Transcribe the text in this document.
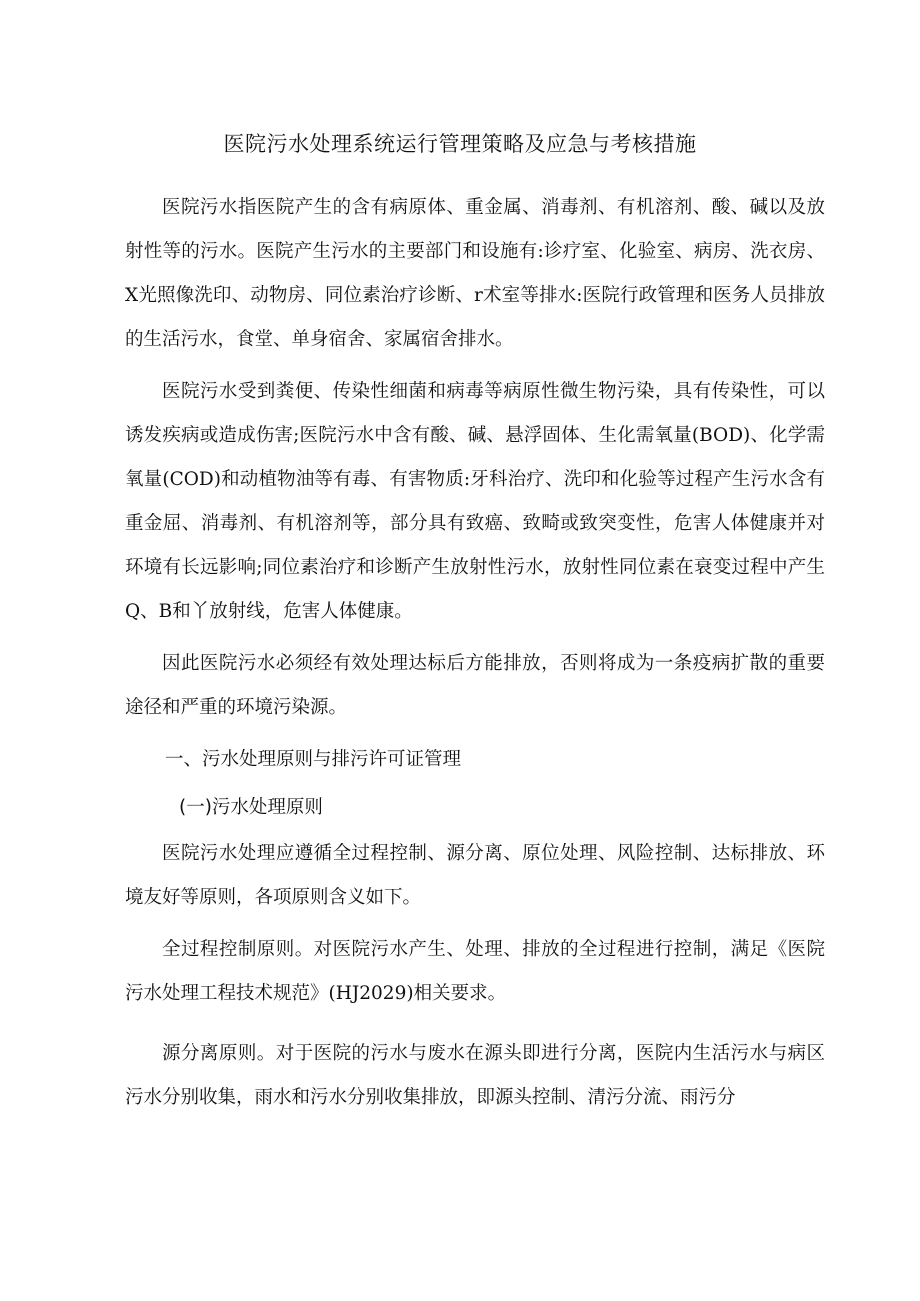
医院污水处理系统运行管理策略及应急与考核措施

医院污水指医院产生的含有病原体、重金属、消毒剂、有机溶剂、酸、碱以及放射性等的污水。医院产生污水的主要部门和设施有:诊疗室、化验室、病房、洗衣房、X光照像洗印、动物房、同位素治疗诊断、r术室等排水:医院行政管理和医务人员排放的生活污水，食堂、单身宿舍、家属宿舍排水。

医院污水受到粪便、传染性细菌和病毒等病原性微生物污染，具有传染性，可以诱发疾病或造成伤害;医院污水中含有酸、碱、悬浮固体、生化需氧量(BOD)、化学需氧量(COD)和动植物油等有毒、有害物质:牙科治疗、洗印和化验等过程产生污水含有重金屈、消毒剂、有机溶剂等，部分具有致癌、致畸或致突变性，危害人体健康并对环境有长远影响;同位素治疗和诊断产生放射性污水，放射性同位素在衰变过程中产生Q、B和丫放射线，危害人体健康。

因此医院污水必须经有效处理达标后方能排放，否则将成为一条疫病扩散的重要途径和严重的环境污染源。

一、污水处理原则与排污许可证管理
(一)污水处理原则

医院污水处理应遵循全过程控制、源分离、原位处理、风险控制、达标排放、环境友好等原则，各项原则含义如下。

全过程控制原则。对医院污水产生、处理、排放的全过程进行控制，满足《医院污水处理工程技术规范》(HJ2029)相关要求。

源分离原则。对于医院的污水与废水在源头即进行分离，医院内生活污水与病区污水分别收集，雨水和污水分别收集排放，即源头控制、清污分流、雨污分
